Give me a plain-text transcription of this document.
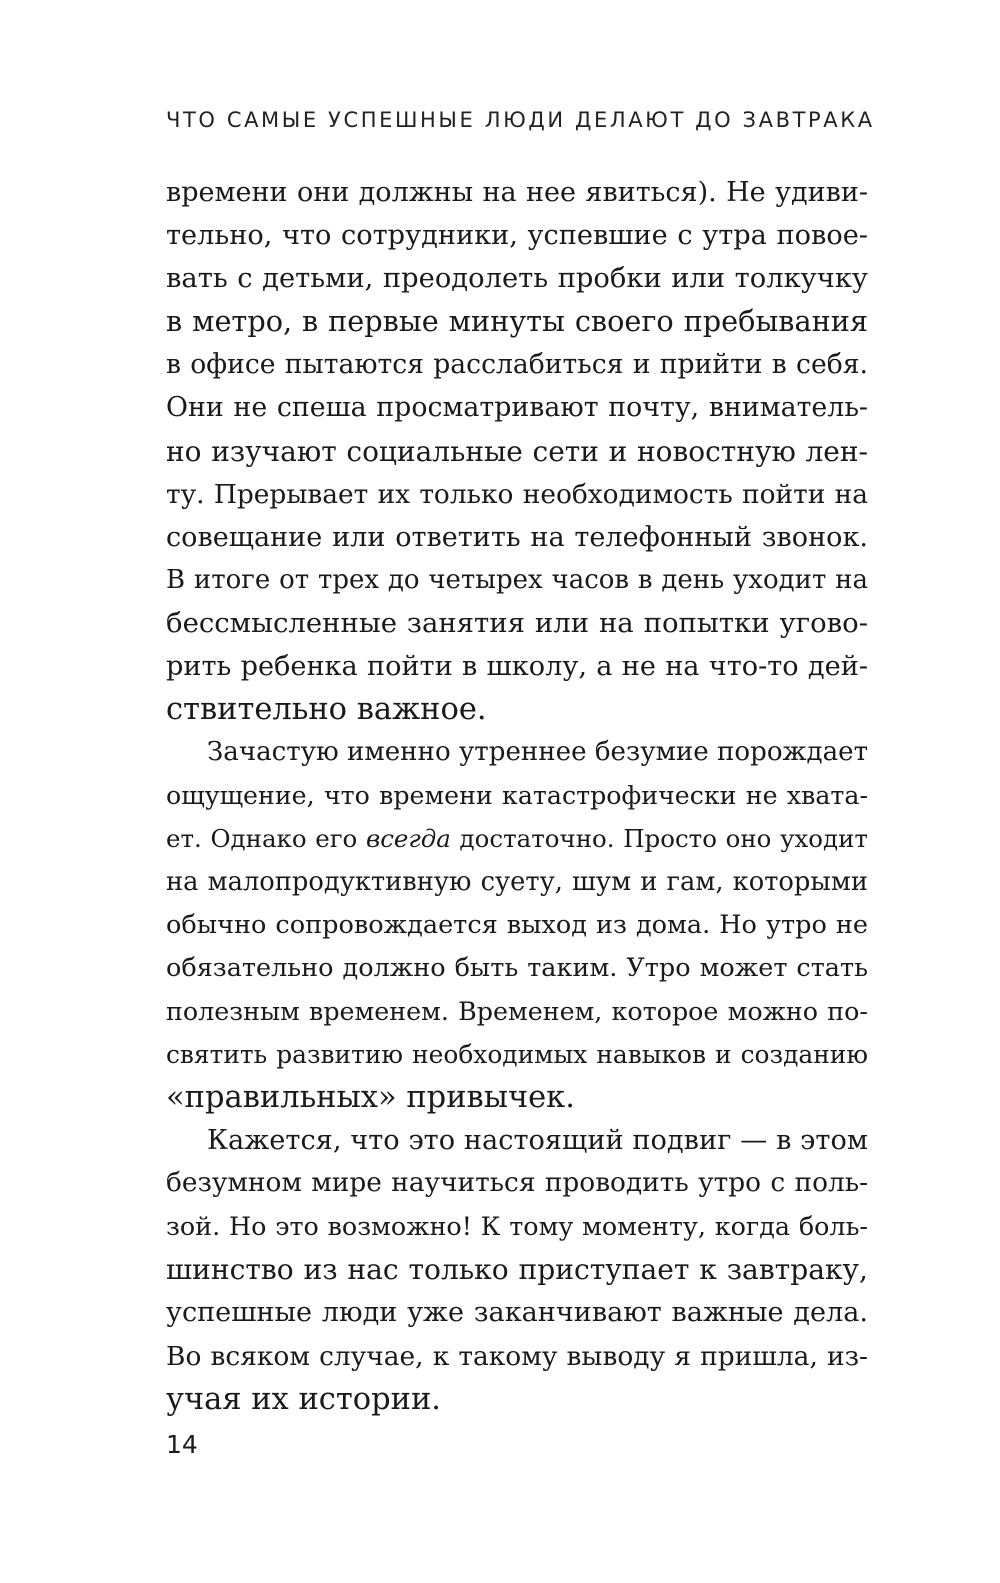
ЧТО САМЫЕ УСПЕШНЫЕ ЛЮДИ ДЕЛАЮТ ДО ЗАВТРАКА

времени они должны на нее явиться). Не удиви-
тельно, что сотрудники, успевшие с утра повое-
вать с детьми, преодолеть пробки или толкучку
в метро, в первые минуты своего пребывания
в офисе пытаются расслабиться и прийти в себя.
Они не спеша просматривают почту, вниматель-
но изучают социальные сети и новостную лен-
ту. Прерывает их только необходимость пойти на
совещание или ответить на телефонный звонок.
В итоге от трех до четырех часов в день уходит на
бессмысленные занятия или на попытки угово-
рить ребенка пойти в школу, а не на что-то дей-
ствительно важное.

Зачастую именно утреннее безумие порождает
ощущение, что времени катастрофически не хвата-
ет. Однако его всегда достаточно. Просто оно уходит
на малопродуктивную суету, шум и гам, которыми
обычно сопровождается выход из дома. Но утро не
обязательно должно быть таким. Утро может стать
полезным временем. Временем, которое можно по-
святить развитию необходимых навыков и созданию
«правильных» привычек.

Кажется, что это настоящий подвиг — в этом
безумном мире научиться проводить утро с поль-
зой. Но это возможно! К тому моменту, когда боль-
шинство из нас только приступает к завтраку,
успешные люди уже заканчивают важные дела.
Во всяком случае, к такому выводу я пришла, из-
учая их истории.

14
